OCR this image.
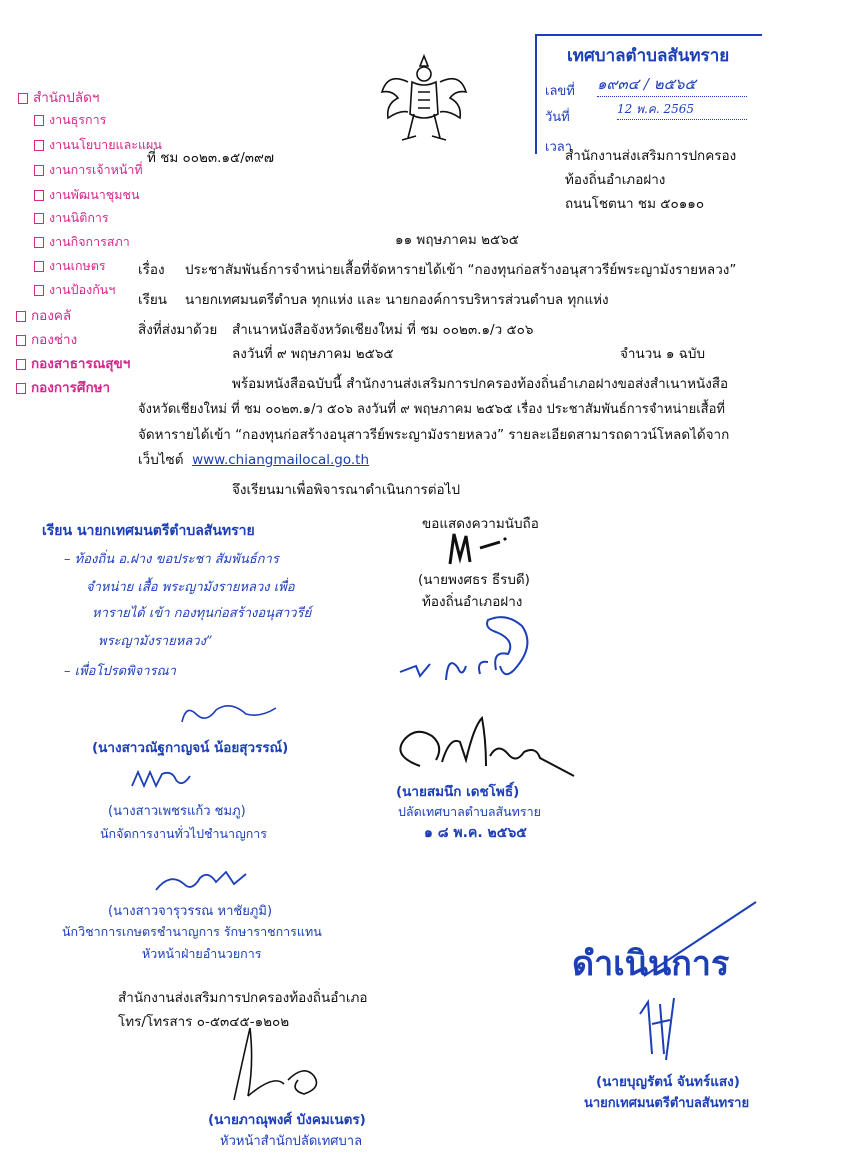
เทศบาลตำบลสันทราย
เลขที่ ๑๙๓๔ / ๒๕๖๕
วันที่
12 พ.ค. 2565
เวลา
สำนักปลัดฯ
งานธุรการ
งานนโยบายและแผน
งานการเจ้าหน้าที่
งานพัฒนาชุมชน
งานนิติการ
งานกิจการสภา
งานเกษตร
งานป้องกันฯ
กองคลั
กองช่าง
กองสาธารณสุขฯ
กองการศึกษา
ที่ ชม ๐๐๒๓.๑๕/๓๙๗	สำนักงานส่งเสริมการปกครอง
ท้องถิ่นอำเภอฝาง
ถนนโชตนา ชม ๕๐๑๑๐
๑๑ พฤษภาคม ๒๕๖๕
เรื่อง ประชาสัมพันธ์การจำหน่ายเสื้อที่จัดหารายได้เข้า “กองทุนก่อสร้างอนุสาวรีย์พระญามังรายหลวง”
เรียน นายกเทศมนตรีตำบล ทุกแห่ง และ นายกองค์การบริหารส่วนตำบล ทุกแห่ง
สิ่งที่ส่งมาด้วย สำเนาหนังสือจังหวัดเชียงใหม่ ที่ ชม ๐๐๒๓.๑/ว ๕๐๖
ลงวันที่ ๙ พฤษภาคม ๒๕๖๕	จำนวน ๑ ฉบับ
พร้อมหนังสือฉบับนี้ สำนักงานส่งเสริมการปกครองท้องถิ่นอำเภอฝางขอส่งสำเนาหนังสือ
จังหวัดเชียงใหม่ ที่ ชม ๐๐๒๓.๑/ว ๕๐๖ ลงวันที่ ๙ พฤษภาคม ๒๕๖๕ เรื่อง ประชาสัมพันธ์การจำหน่ายเสื้อที่
จัดหารายได้เข้า “กองทุนก่อสร้างอนุสาวรีย์พระญามังรายหลวง” รายละเอียดสามารถดาวน์โหลดได้จาก
เว็บไซต์ www.chiangmailocal.go.th
จึงเรียนมาเพื่อพิจารณาดำเนินการต่อไป
ขอแสดงความนับถือ
(นายพงศธร ธีรบดี)
ท้องถิ่นอำเภอฝาง
เรียน นายกเทศมนตรีตำบลสันทราย
– ท้องถิ่น อ.ฝาง ขอประชา สัมพันธ์การ
จำหน่าย เสื้อ พระญามังรายหลวง เพื่อ
หารายได้ เข้า กองทุนก่อสร้างอนุสาวรีย์
พระญามังรายหลวง”
– เพื่อโปรดพิจารณา
(นางสาวณัฐกาญจน์ น้อยสุวรรณ์)
(นางสาวเพชรแก้ว ชมภู)
นักจัดการงานทั่วไปชำนาญการ
(นางสาวจารุวรรณ หาชัยภูมิ)
นักวิชาการเกษตรชำนาญการ รักษาราชการแทน
หัวหน้าฝ่ายอำนวยการ
(นายสมนึก เดชโพธิ์)
ปลัดเทศบาลตำบลสันทราย
๑ ๘ พ.ค. ๒๕๖๕
สำนักงานส่งเสริมการปกครองท้องถิ่นอำเภอ
โทร/โทรสาร ๐-๕๓๔๕-๑๒๐๒
(นายภาณุพงศ์ บังคมเนตร)
หัวหน้าสำนักปลัดเทศบาล
ดำเนินการ
(นายบุญรัตน์ จันทร์แสง)
นายกเทศมนตรีตำบลสันทราย
